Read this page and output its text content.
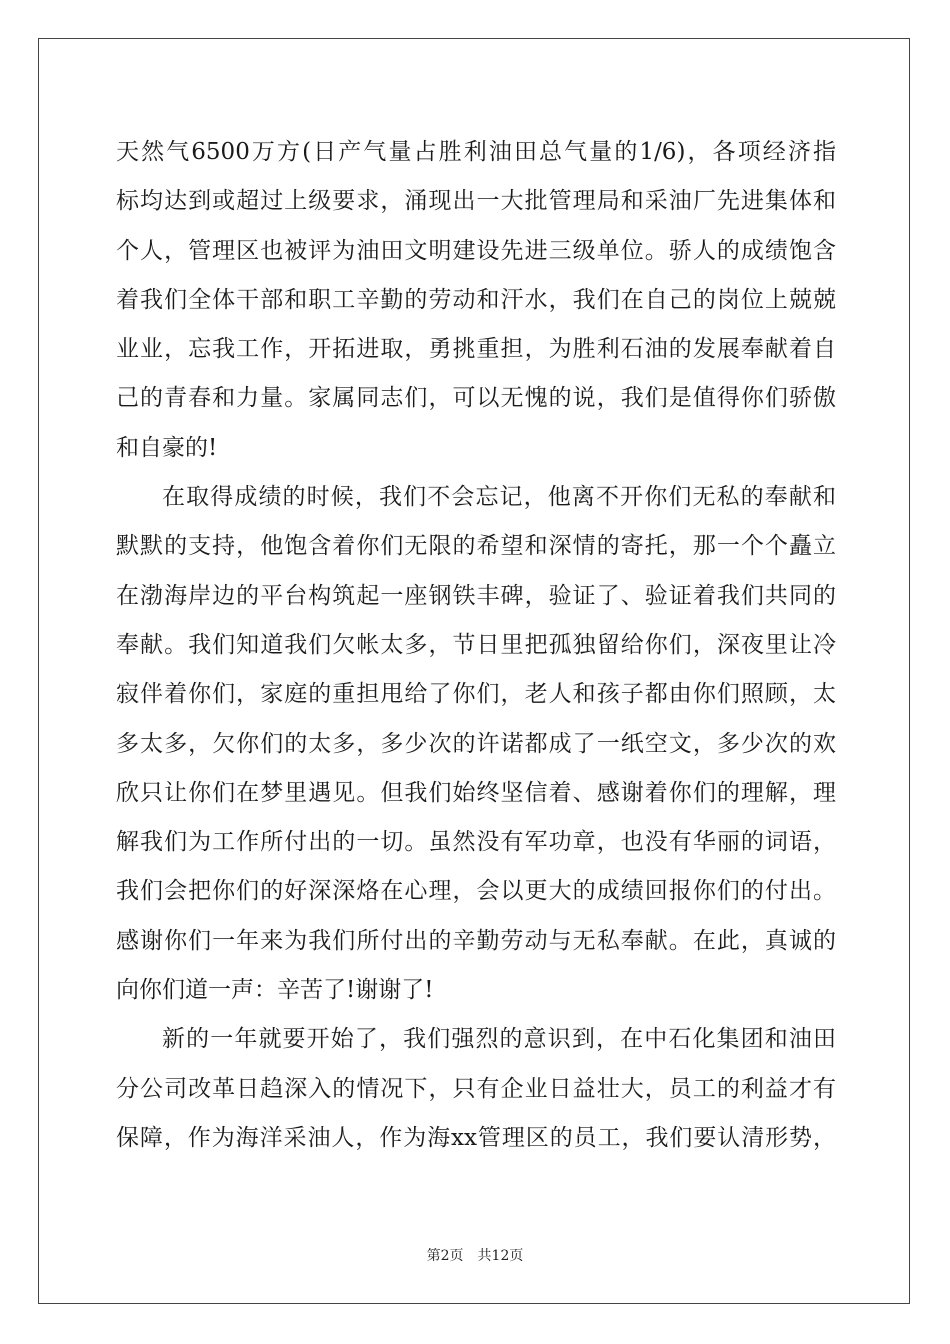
天然气6500万方(日产气量占胜利油田总气量的1/6)，各项经济指
标均达到或超过上级要求，涌现出一大批管理局和采油厂先进集体和
个人，管理区也被评为油田文明建设先进三级单位。骄人的成绩饱含
着我们全体干部和职工辛勤的劳动和汗水，我们在自己的岗位上兢兢
业业，忘我工作，开拓进取，勇挑重担，为胜利石油的发展奉献着自
己的青春和力量。家属同志们，可以无愧的说，我们是值得你们骄傲
和自豪的!
在取得成绩的时候，我们不会忘记，他离不开你们无私的奉献和
默默的支持，他饱含着你们无限的希望和深情的寄托，那一个个矗立
在渤海岸边的平台构筑起一座钢铁丰碑，验证了、验证着我们共同的
奉献。我们知道我们欠帐太多，节日里把孤独留给你们，深夜里让冷
寂伴着你们，家庭的重担甩给了你们，老人和孩子都由你们照顾，太
多太多，欠你们的太多，多少次的许诺都成了一纸空文，多少次的欢
欣只让你们在梦里遇见。但我们始终坚信着、感谢着你们的理解，理
解我们为工作所付出的一切。虽然没有军功章，也没有华丽的词语，
我们会把你们的好深深烙在心理，会以更大的成绩回报你们的付出。
感谢你们一年来为我们所付出的辛勤劳动与无私奉献。在此，真诚的
向你们道一声：辛苦了!谢谢了!
新的一年就要开始了，我们强烈的意识到，在中石化集团和油田
分公司改革日趋深入的情况下，只有企业日益壮大，员工的利益才有
保障，作为海洋采油人，作为海xx管理区的员工，我们要认清形势，
第2页　共12页
